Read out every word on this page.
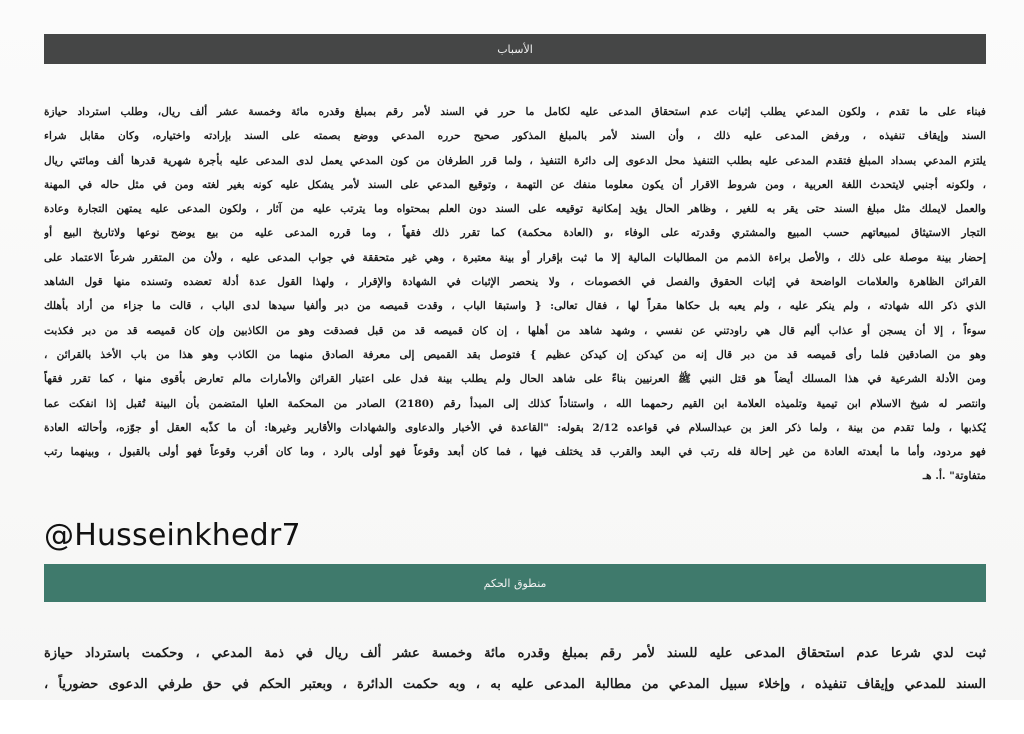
الأسباب

فبناء على ما تقدم ، ولكون المدعي يطلب إثبات عدم استحقاق المدعى عليه لكامل ما حرر في السند لأمر رقم بمبلغ وقدره مائة وخمسة عشر ألف ريال، وطلب استرداد حيازة

السند وإيقاف تنفيذه ، ورفض المدعى عليه ذلك ، وأن السند لأمر بالمبلغ المذكور صحيح حرره المدعي ووضع بصمته على السند بإرادته واختياره، وكان مقابل شراء

يلتزم المدعي بسداد المبلغ فتقدم المدعى عليه بطلب التنفيذ محل الدعوى إلى دائرة التنفيذ ، ولما قرر الطرفان من كون المدعي يعمل لدى المدعى عليه بأجرة شهرية قدرها ألف ومائتي ريال

، ولكونه أجنبي لايتحدث اللغة العربية ، ومن شروط الاقرار أن يكون معلوما منفك عن التهمة ، وتوقيع المدعي على السند لأمر يشكل عليه كونه بغير لغته ومن في مثل حاله في المهنة

والعمل لايملك مثل مبلغ السند حتى يقر به للغير ، وظاهر الحال يؤيد إمكانية توقيعه على السند دون العلم بمحتواه وما يترتب عليه من آثار ، ولكون المدعى عليه يمتهن التجارة وعادة

التجار الاستيثاق لمبيعاتهم حسب المبيع والمشتري وقدرته على الوفاء ،و (العادة محكمة) كما تقرر ذلك فقهاً ، وما قرره المدعى عليه من بيع يوضح نوعها ولاتاريخ البيع أو

إحضار بينة موصلة على ذلك ، والأصل براءة الذمم من المطالبات المالية إلا ما ثبت بإقرار أو بينة معتبرة ، وهي غير متحققة في جواب المدعى عليه ، ولأن من المتقرر شرعاً الاعتماد على

القرائن الظاهرة والعلامات الواضحة في إثبات الحقوق والفصل في الخصومات ، ولا ينحصر الإثبات في الشهادة والإقرار ، ولهذا القول عدة أدلة تعضده وتسنده منها قول الشاهد

الذي ذكر الله شهادته ، ولم ينكر عليه ، ولم يعبه بل حكاها مقراً لها ، فقال تعالى: { واستبقا الباب ، وقدت قميصه من دبر وألفيا سيدها لدى الباب ، قالت ما جزاء من أراد بأهلك

سوءاً ، إلا أن يسجن أو عذاب أليم قال هي راودتني عن نفسي ، وشهد شاهد من أهلها ، إن كان قميصه قد من قبل فصدقت وهو من الكاذبين وإن كان قميصه قد من دبر فكذبت

وهو من الصادقين فلما رأى قميصه قد من دبر قال إنه من كيدكن إن كيدكن عظيم } فتوصل بقد القميص إلى معرفة الصادق منهما من الكاذب وهو هذا من باب الأخذ بالقرائن ،

ومن الأدلة الشرعية في هذا المسلك أيضاً هو قتل النبي ﷺ العرنيين بناءً على شاهد الحال ولم يطلب بينة فدل على اعتبار القرائن والأمارات مالم تعارض بأقوى منها ، كما تقرر فقهاً

وانتصر له شيخ الاسلام ابن تيمية وتلميذه العلامة ابن القيم رحمهما الله ، واستناداً كذلك إلى المبدأ رقم (2180) الصادر من المحكمة العليا المتضمن بأن البينة تُقبل إذا انفكت عما

يُكذبها ، ولما تقدم من بينة ، ولما ذكر العز بن عبدالسلام في قواعده 2/12 بقوله: "القاعدة في الأخبار والدعاوى والشهادات والأقارير وغيرها: أن ما كذّبه العقل أو جوّزه، وأحالته العادة

فهو مردود، وأما ما أبعدته العادة من غير إحالة فله رتب في البعد والقرب قد يختلف فيها ، فما كان أبعد وقوعاً فهو أولى بالرد ، وما كان أقرب وقوعاً فهو أولى بالقبول ، وبينهما رتب

متفاوتة" .أ. هـ

@Husseinkhedr7
منطوق الحكم

ثبت لدي شرعا عدم استحقاق المدعى عليه للسند لأمر رقم بمبلغ وقدره مائة وخمسة عشر ألف ريال في ذمة المدعي ، وحكمت باسترداد حيازة

السند للمدعي وإيقاف تنفيذه ، وإخلاء سبيل المدعي من مطالبة المدعى عليه به ، وبه حكمت الدائرة ، وبعتبر الحكم في حق طرفي الدعوى حضورياً ،
